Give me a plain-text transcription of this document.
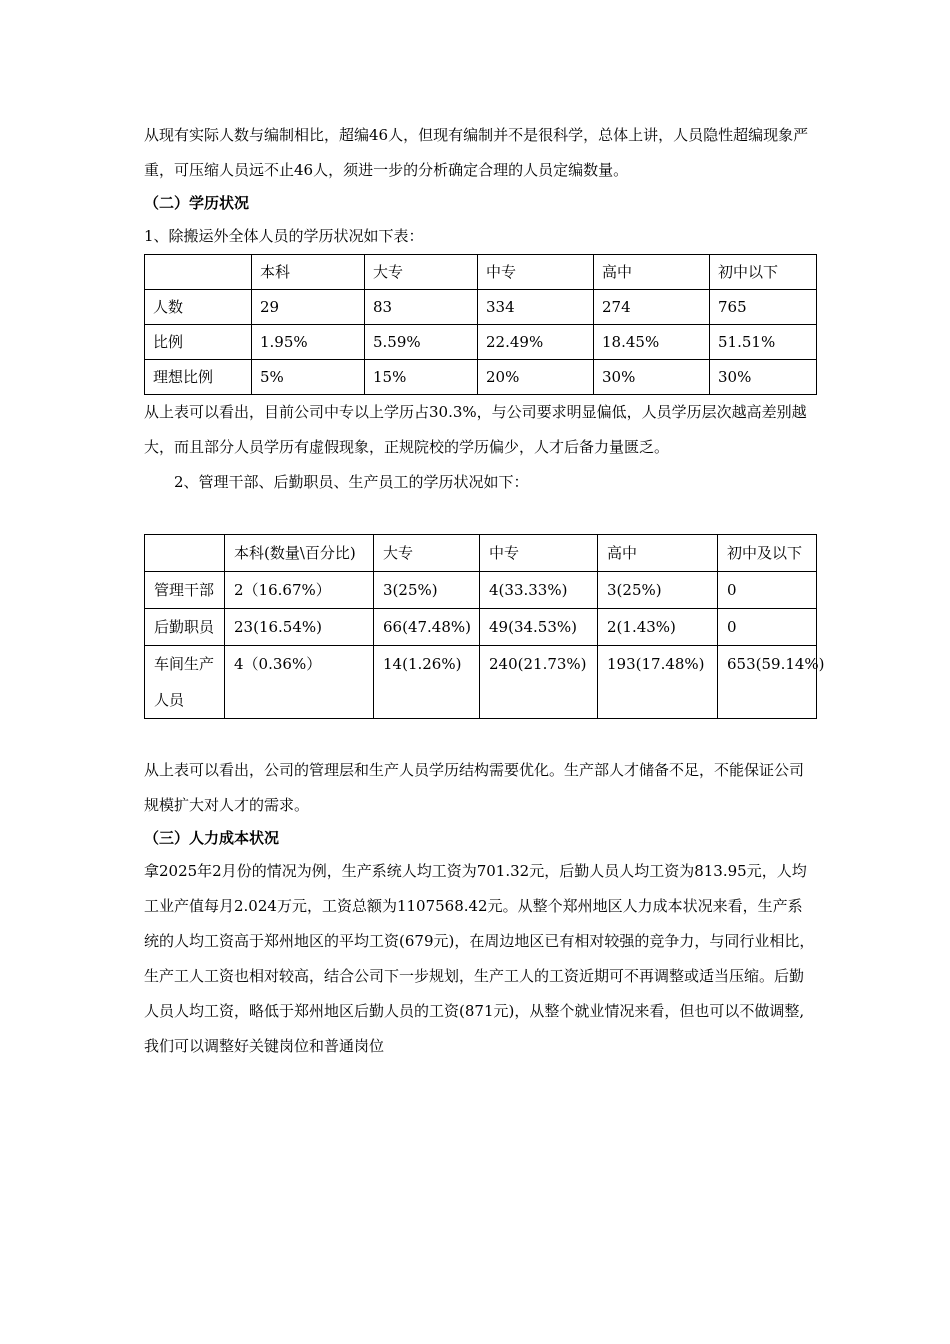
从现有实际人数与编制相比，超编46人，但现有编制并不是很科学，总体上讲，人员隐性超编现象严重，可压缩人员远不止46人，须进一步的分析确定合理的人员定编数量。

（二）学历状况

1、除搬运外全体人员的学历状况如下表：

	本科	大专	中专	高中	初中以下
人数	29	83	334	274	765
比例	1.95%	5.59%	22.49%	18.45%	51.51%
理想比例	5%	15%	20%	30%	30%

从上表可以看出，目前公司中专以上学历占30.3%，与公司要求明显偏低，人员学历层次越高差别越大，而且部分人员学历有虚假现象，正规院校的学历偏少，人才后备力量匮乏。

2、管理干部、后勤职员、生产员工的学历状况如下：

	本科(数量\百分比)	大专	中专	高中	初中及以下
管理干部	2（16.67%）	3(25%)	4(33.33%)	3(25%)	0
后勤职员	23(16.54%)	66(47.48%)	49(34.53%)	2(1.43%)	0
车间生产人员	4（0.36%）	14(1.26%)	240(21.73%)	193(17.48%)	653(59.14%)

从上表可以看出，公司的管理层和生产人员学历结构需要优化。生产部人才储备不足，不能保证公司规模扩大对人才的需求。

（三）人力成本状况

拿2025年2月份的情况为例，生产系统人均工资为701.32元，后勤人员人均工资为813.95元，人均工业产值每月2.024万元，工资总额为1107568.42元。从整个郑州地区人力成本状况来看，生产系统的人均工资高于郑州地区的平均工资(679元)，在周边地区已有相对较强的竞争力，与同行业相比，生产工人工资也相对较高，结合公司下一步规划，生产工人的工资近期可不再调整或适当压缩。后勤人员人均工资，略低于郑州地区后勤人员的工资(871元)，从整个就业情况来看，但也可以不做调整,我们可以调整好关键岗位和普通岗位
